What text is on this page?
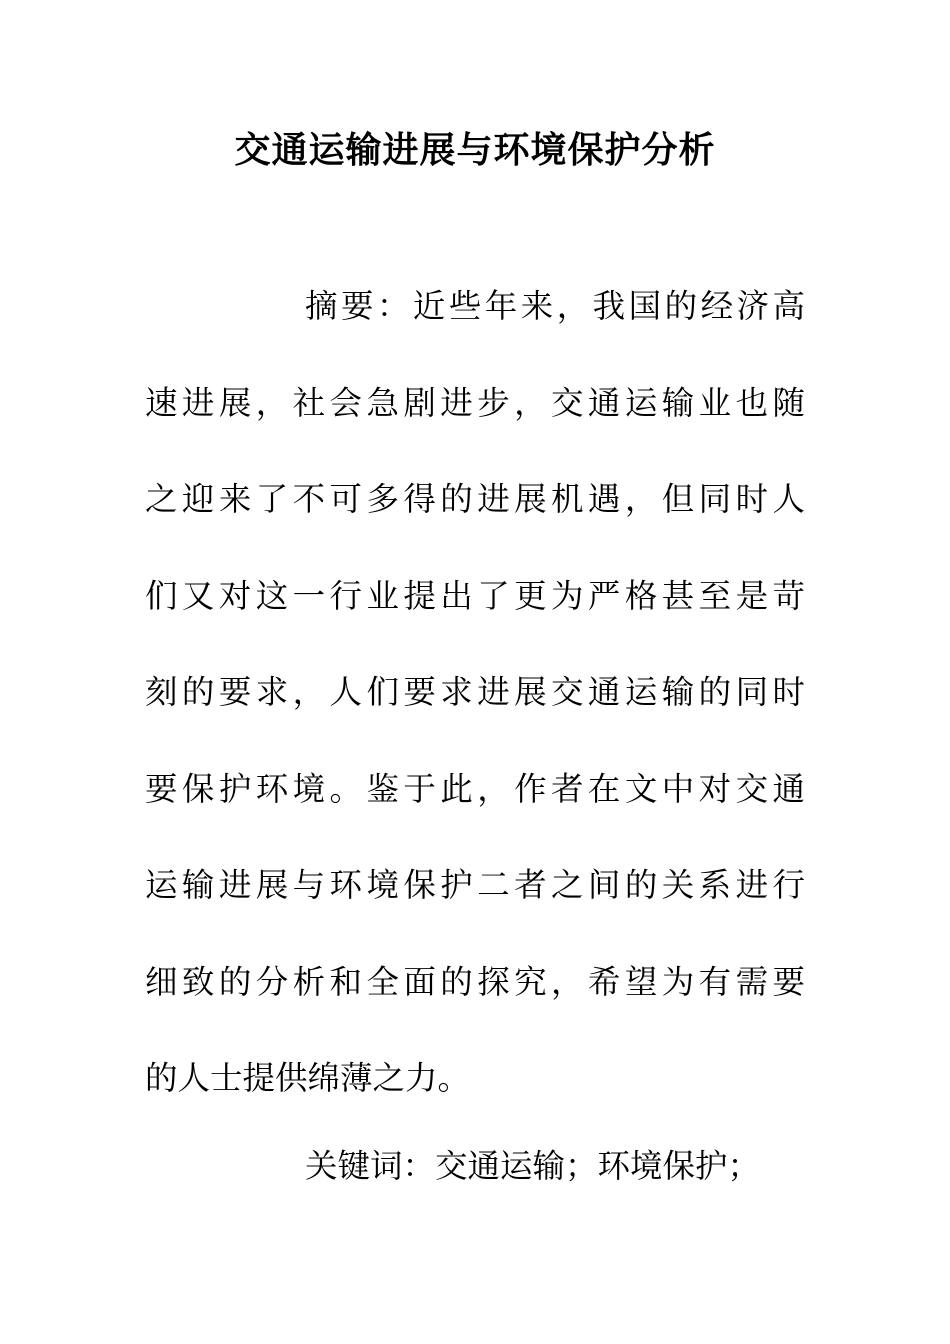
交通运输进展与环境保护分析
摘要：近些年来，我国的经济高
速进展，社会急剧进步，交通运输业也随
之迎来了不可多得的进展机遇，但同时人
们又对这一行业提出了更为严格甚至是苛
刻的要求，人们要求进展交通运输的同时
要保护环境。鉴于此，作者在文中对交通
运输进展与环境保护二者之间的关系进行
细致的分析和全面的探究，希望为有需要
的人士提供绵薄之力。
关键词：交通运输；环境保护；
